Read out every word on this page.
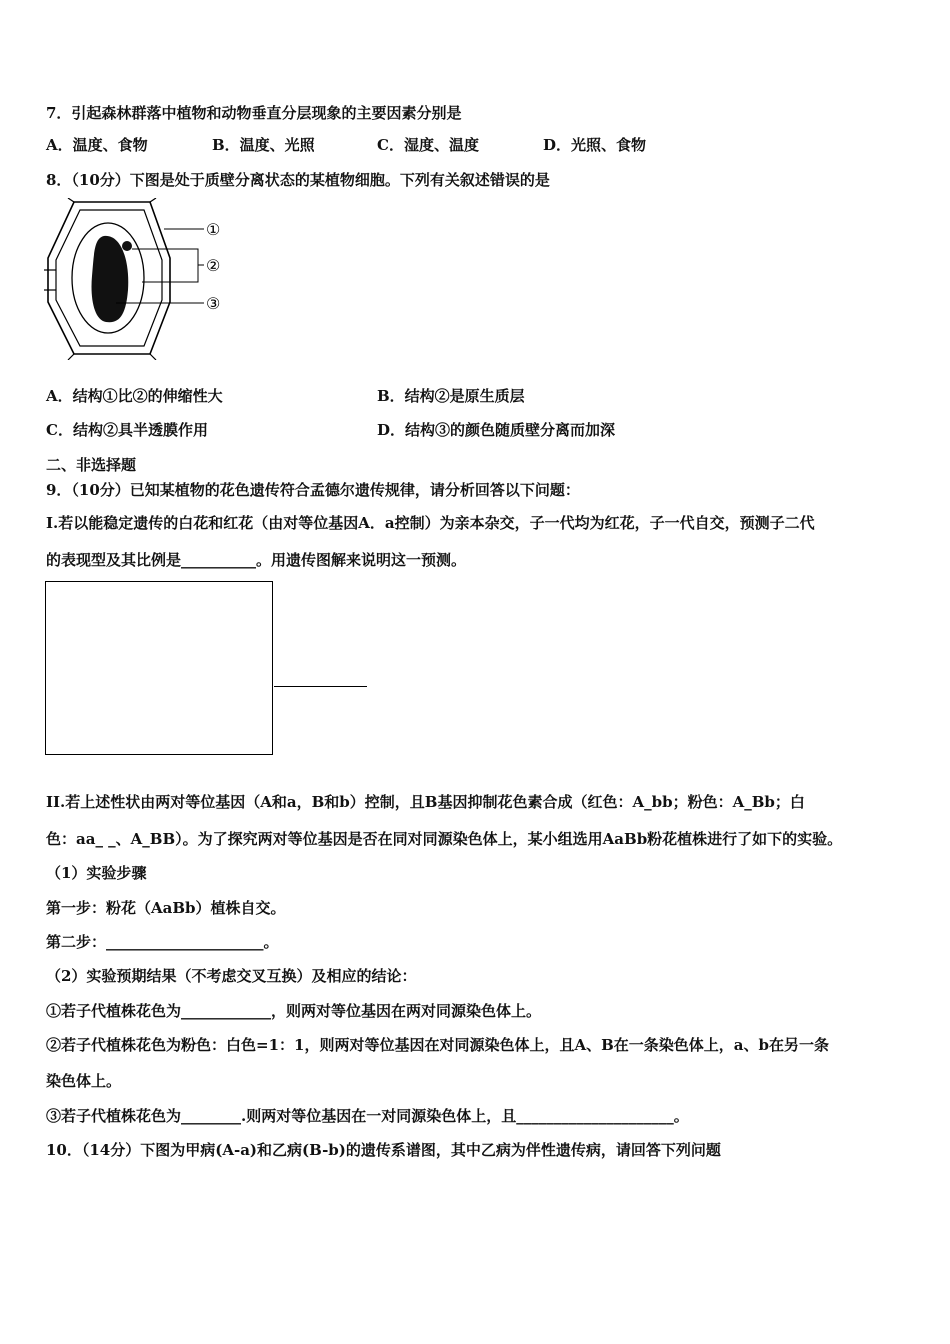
7．引起森林群落中植物和动物垂直分层现象的主要因素分别是
A．温度、食物	B．温度、光照	C．湿度、温度	D．光照、食物
8．（10分）下图是处于质壁分离状态的某植物细胞。下列有关叙述错误的是
①
②
③
A．结构①比②的伸缩性大	B．结构②是原生质层
C．结构②具半透膜作用	D．结构③的颜色随质壁分离而加深
二、非选择题
9．（10分）已知某植物的花色遗传符合孟德尔遗传规律，请分析回答以下问题：
I.若以能稳定遗传的白花和红花（由对等位基因A．a控制）为亲本杂交，子一代均为红花，子一代自交，预测子二代
的表现型及其比例是__________。用遗传图解来说明这一预测。
II.若上述性状由两对等位基因（A和a，B和b）控制，且B基因抑制花色素合成（红色：A_bb；粉色：A_Bb；白
色：aa_ _、A_BB）。为了探究两对等位基因是否在同对同源染色体上，某小组选用AaBb粉花植株进行了如下的实验。
（1）实验步骤
第一步：粉花（AaBb）植株自交。
第二步：_____________________。
（2）实验预期结果（不考虑交叉互换）及相应的结论：
①若子代植株花色为____________，则两对等位基因在两对同源染色体上。
②若子代植株花色为粉色：白色=1：1，则两对等位基因在对同源染色体上，且A、B在一条染色体上，a、b在另一条
染色体上。
③若子代植株花色为________.则两对等位基因在一对同源染色体上，且_____________________。
10．（14分）下图为甲病(A-a)和乙病(B-b)的遗传系谱图，其中乙病为伴性遗传病，请回答下列问题
